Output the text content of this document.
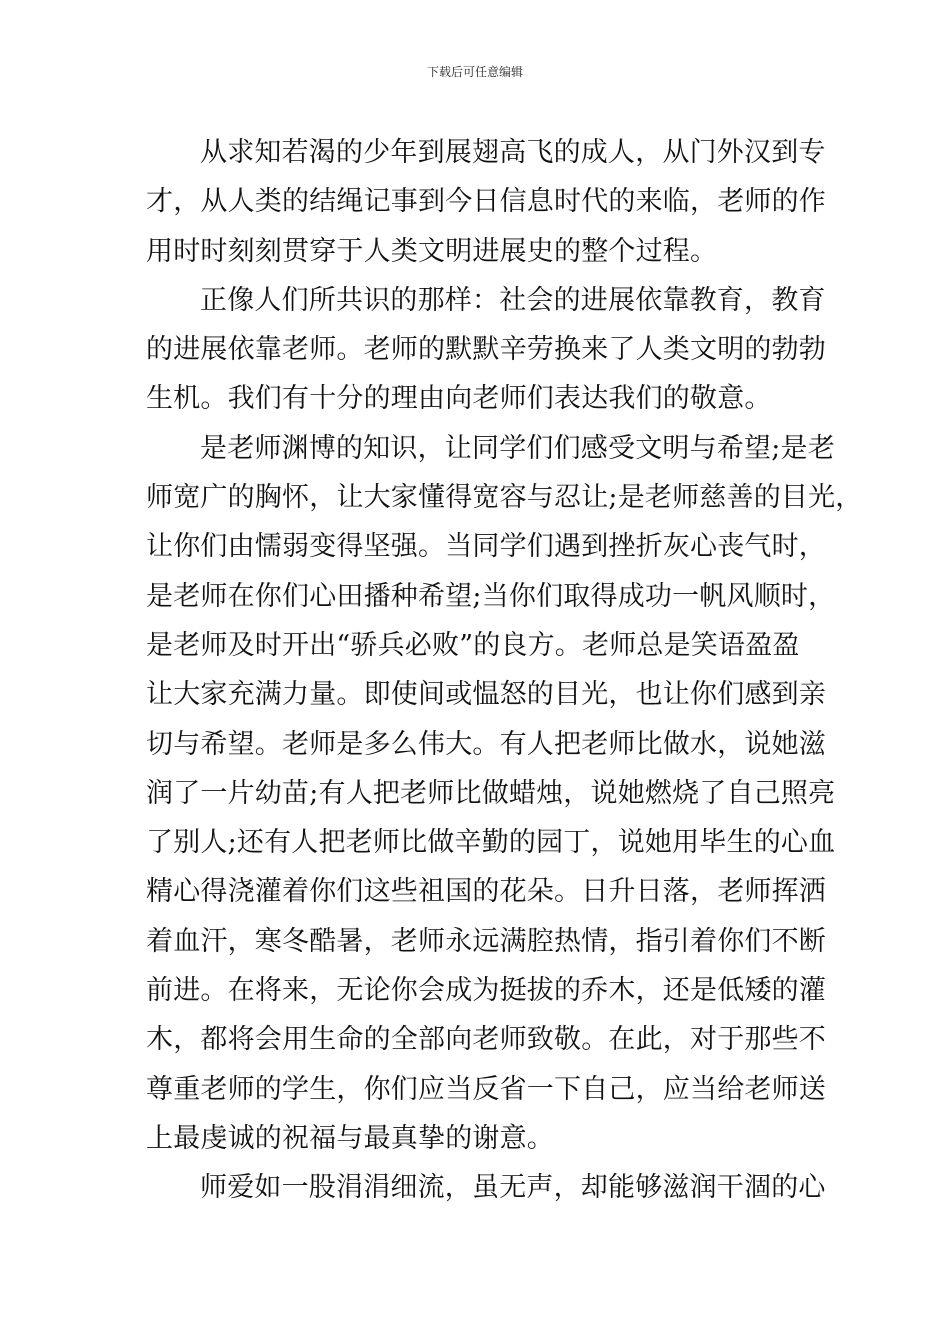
下载后可任意编辑
从求知若渴的少年到展翅高飞的成人，从门外汉到专
才，从人类的结绳记事到今日信息时代的来临，老师的作
用时时刻刻贯穿于人类文明进展史的整个过程。
正像人们所共识的那样：社会的进展依靠教育，教育
的进展依靠老师。老师的默默辛劳换来了人类文明的勃勃
生机。我们有十分的理由向老师们表达我们的敬意。
是老师渊博的知识，让同学们们感受文明与希望;是老
师宽广的胸怀，让大家懂得宽容与忍让;是老师慈善的目光，
让你们由懦弱变得坚强。当同学们遇到挫折灰心丧气时，
是老师在你们心田播种希望;当你们取得成功一帆风顺时，
是老师及时开出“骄兵必败”的良方。老师总是笑语盈盈
让大家充满力量。即使间或愠怒的目光，也让你们感到亲
切与希望。老师是多么伟大。有人把老师比做水，说她滋
润了一片幼苗;有人把老师比做蜡烛，说她燃烧了自己照亮
了别人;还有人把老师比做辛勤的园丁，说她用毕生的心血
精心得浇灌着你们这些祖国的花朵。日升日落，老师挥洒
着血汗，寒冬酷暑，老师永远满腔热情，指引着你们不断
前进。在将来，无论你会成为挺拔的乔木，还是低矮的灌
木，都将会用生命的全部向老师致敬。在此，对于那些不
尊重老师的学生，你们应当反省一下自己，应当给老师送
上最虔诚的祝福与最真挚的谢意。
师爱如一股涓涓细流，虽无声，却能够滋润干涸的心
